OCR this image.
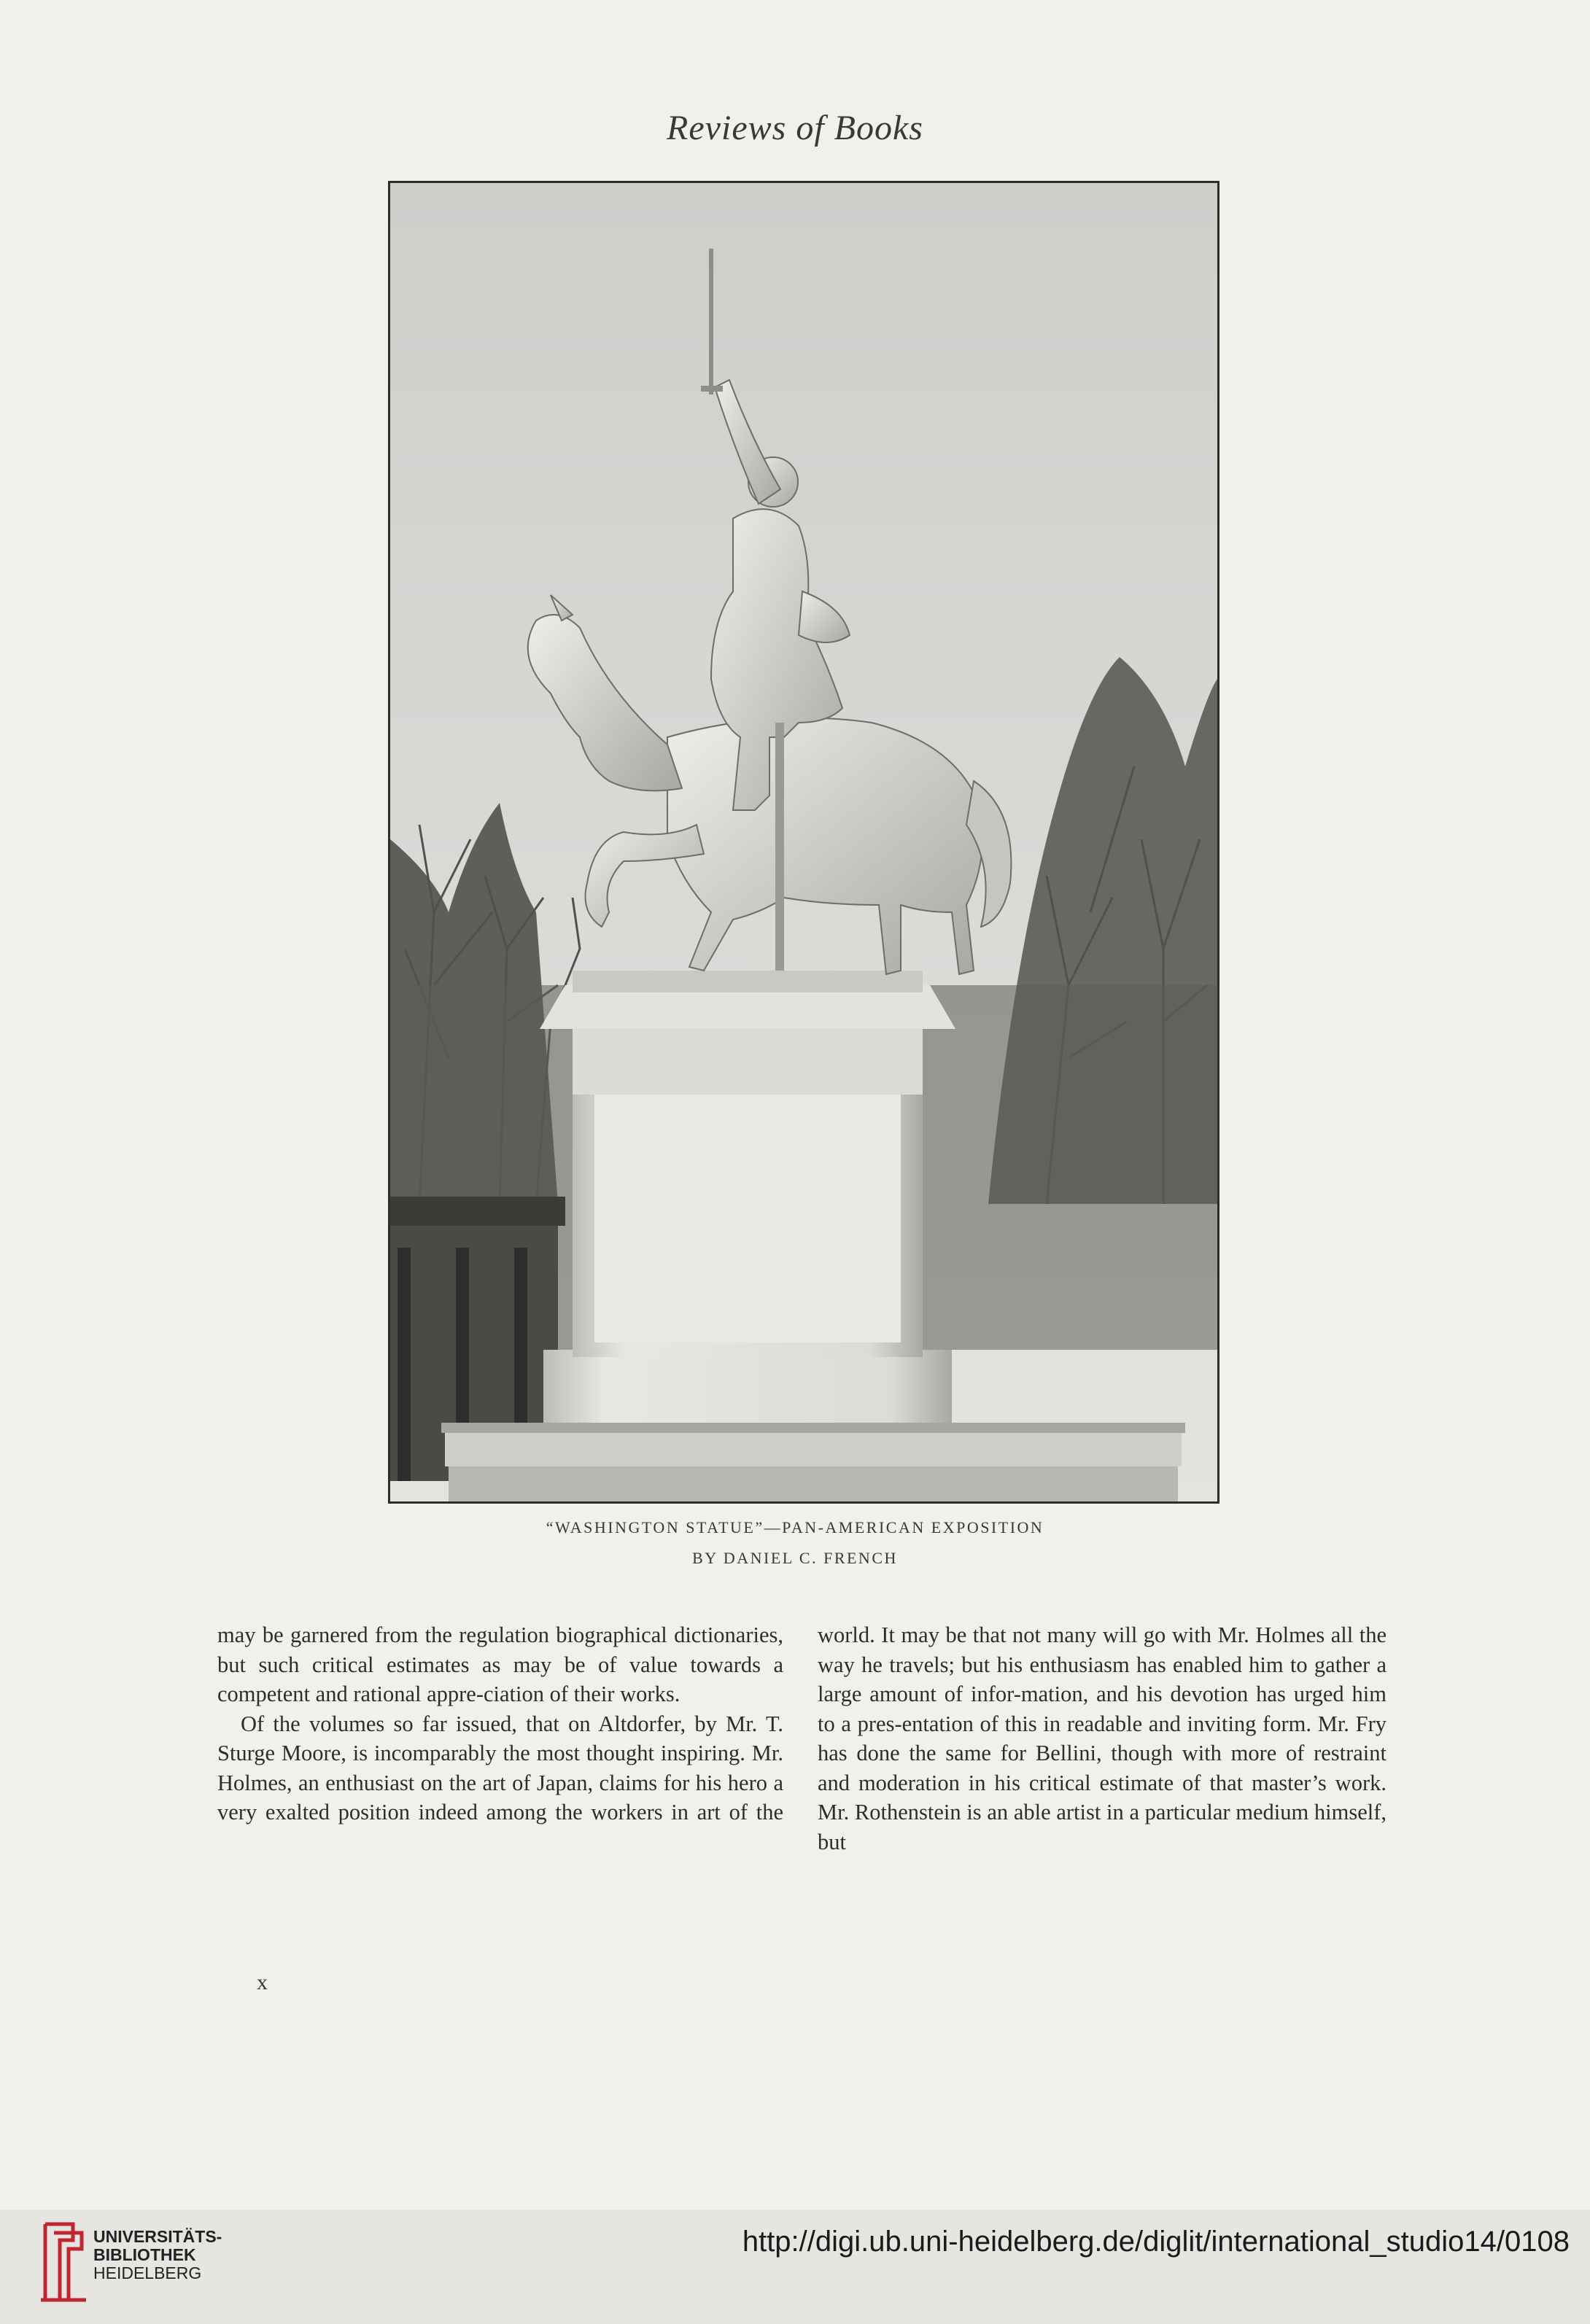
Reviews of Books
“WASHINGTON STATUE”—PAN-AMERICAN EXPOSITION
BY DANIEL C. FRENCH

may be garnered from the regulation biographical dictionaries, but such critical estimates as may be of value towards a competent and rational appre-ciation of their works.

Of the volumes so far issued, that on Altdorfer, by Mr. T. Sturge Moore, is incomparably the most thought inspiring. Mr. Holmes, an enthusiast on the art of Japan, claims for his hero a very exalted position indeed among the workers in art of the

world. It may be that not many will go with Mr. Holmes all the way he travels; but his enthusiasm has enabled him to gather a large amount of infor-mation, and his devotion has urged him to a pres-entation of this in readable and inviting form. Mr. Fry has done the same for Bellini, though with more of restraint and moderation in his critical estimate of that master’s work. Mr. Rothenstein is an able artist in a particular medium himself, but

x
UNIVERSITÄTS-
BIBLIOTHEK
HEIDELBERG
http://digi.ub.uni-heidelberg.de/diglit/international_studio14/0108
